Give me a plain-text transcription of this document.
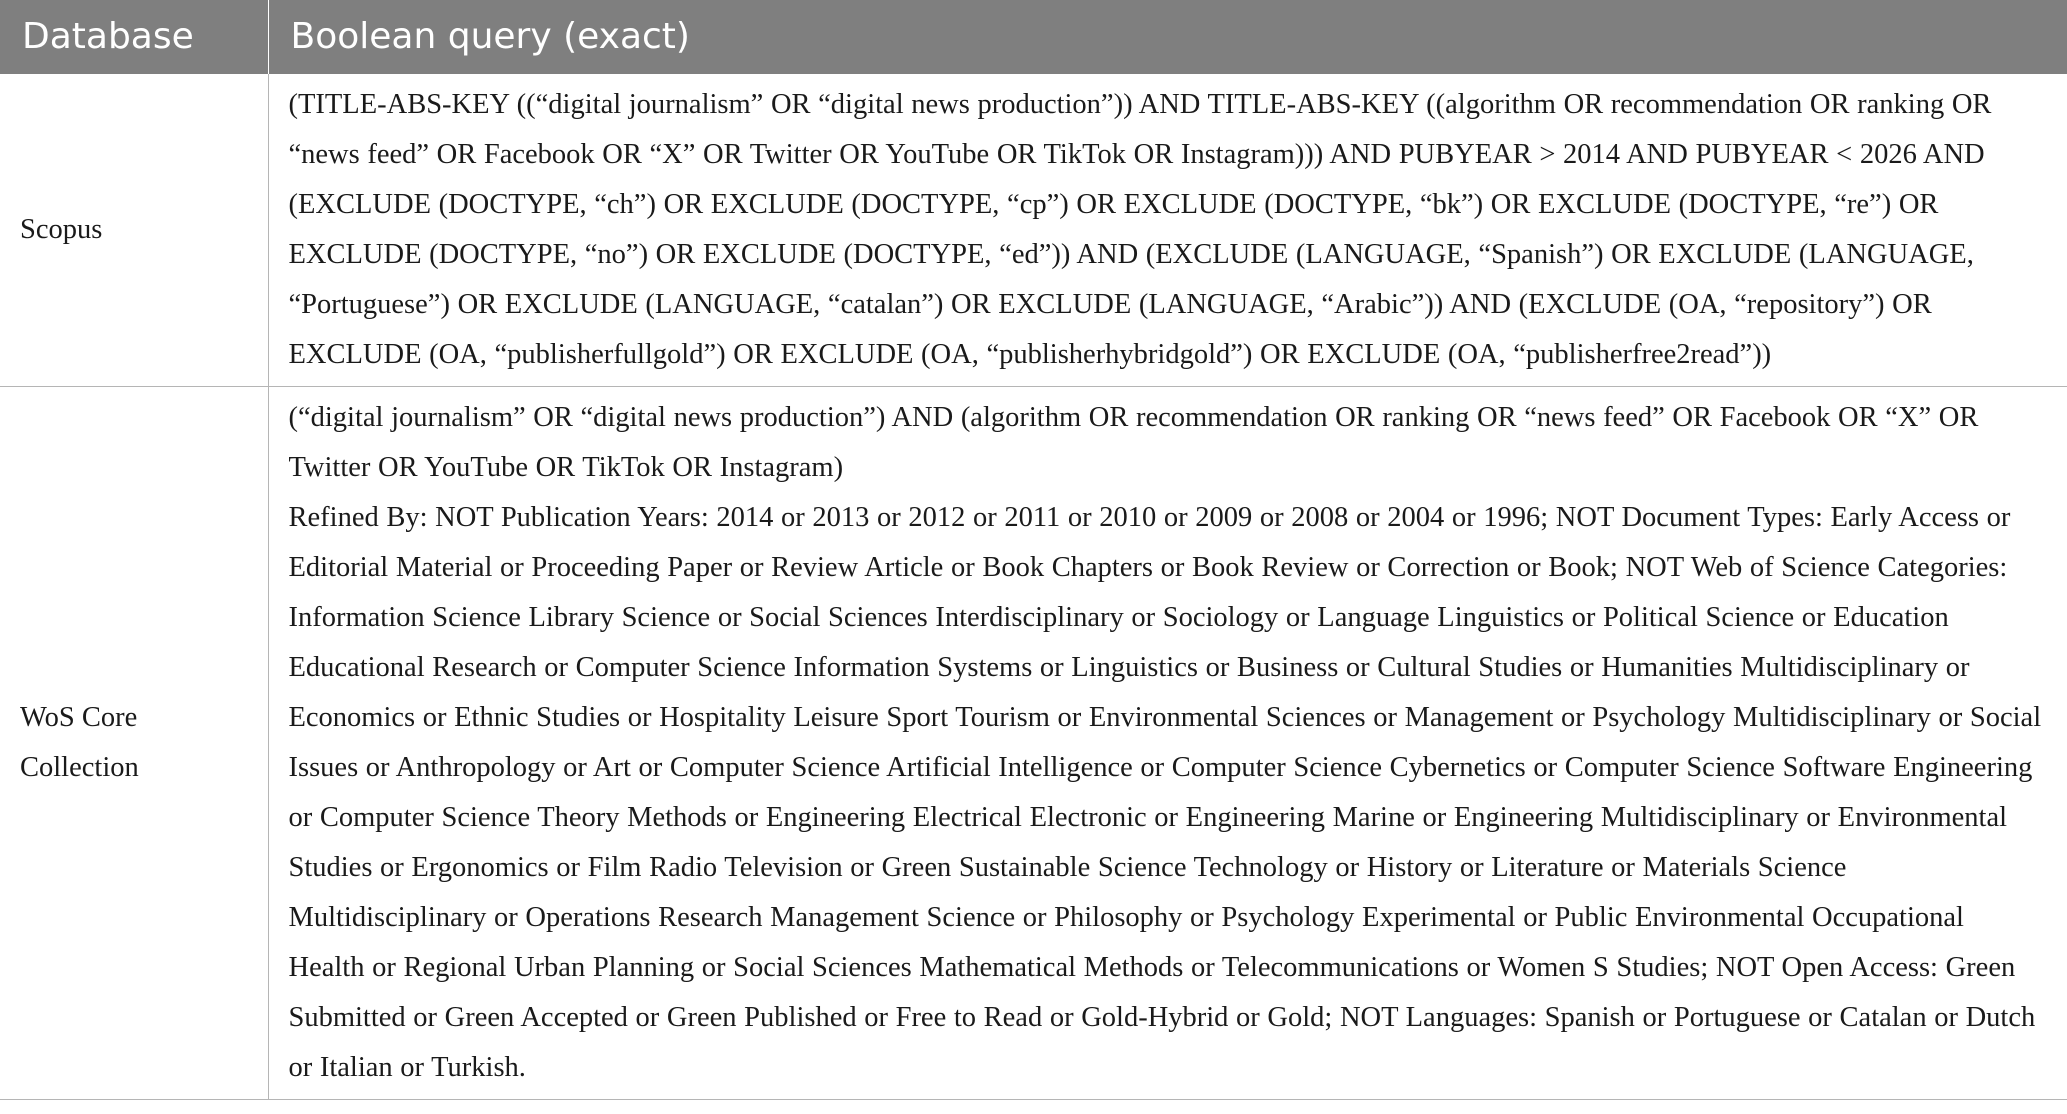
Database	Boolean query (exact)
Scopus	(TITLE-ABS-KEY ((“digital journalism” OR “digital news production”)) AND TITLE-ABS-KEY ((algorithm OR recommendation OR ranking OR “news feed” OR Facebook OR “X” OR Twitter OR YouTube OR TikTok OR Instagram))) AND PUBYEAR > 2014 AND PUBYEAR < 2026 AND (EXCLUDE (DOCTYPE, “ch”) OR EXCLUDE (DOCTYPE, “cp”) OR EXCLUDE (DOCTYPE, “bk”) OR EXCLUDE (DOCTYPE, “re”) OR EXCLUDE (DOCTYPE, “no”) OR EXCLUDE (DOCTYPE, “ed”)) AND (EXCLUDE (LANGUAGE, “Spanish”) OR EXCLUDE (LANGUAGE, “Portuguese”) OR EXCLUDE (LANGUAGE, “catalan”) OR EXCLUDE (LANGUAGE, “Arabic”)) AND (EXCLUDE (OA, “repository”) OR EXCLUDE (OA, “publisherfullgold”) OR EXCLUDE (OA, “publisherhybridgold”) OR EXCLUDE (OA, “publisherfree2read”))

WoS Core Collection	(“digital journalism” OR “digital news production”) AND (algorithm OR recommendation OR ranking OR “news feed” OR Facebook OR “X” OR Twitter OR YouTube OR TikTok OR Instagram)
Refined By: NOT Publication Years: 2014 or 2013 or 2012 or 2011 or 2010 or 2009 or 2008 or 2004 or 1996; NOT Document Types: Early Access or Editorial Material or Proceeding Paper or Review Article or Book Chapters or Book Review or Correction or Book; NOT Web of Science Categories: Information Science Library Science or Social Sciences Interdisciplinary or Sociology or Language Linguistics or Political Science or Education Educational Research or Computer Science Information Systems or Linguistics or Business or Cultural Studies or Humanities Multidisciplinary or Economics or Ethnic Studies or Hospitality Leisure Sport Tourism or Environmental Sciences or Management or Psychology Multidisciplinary or Social Issues or Anthropology or Art or Computer Science Artificial Intelligence or Computer Science Cybernetics or Computer Science Software Engineering or Computer Science Theory Methods or Engineering Electrical Electronic or Engineering Marine or Engineering Multidisciplinary or Environmental Studies or Ergonomics or Film Radio Television or Green Sustainable Science Technology or History or Literature or Materials Science Multidisciplinary or Operations Research Management Science or Philosophy or Psychology Experimental or Public Environmental Occupational Health or Regional Urban Planning or Social Sciences Mathematical Methods or Telecommunications or Women S Studies; NOT Open Access: Green Submitted or Green Accepted or Green Published or Free to Read or Gold-Hybrid or Gold; NOT Languages: Spanish or Portuguese or Catalan or Dutch or Italian or Turkish.
